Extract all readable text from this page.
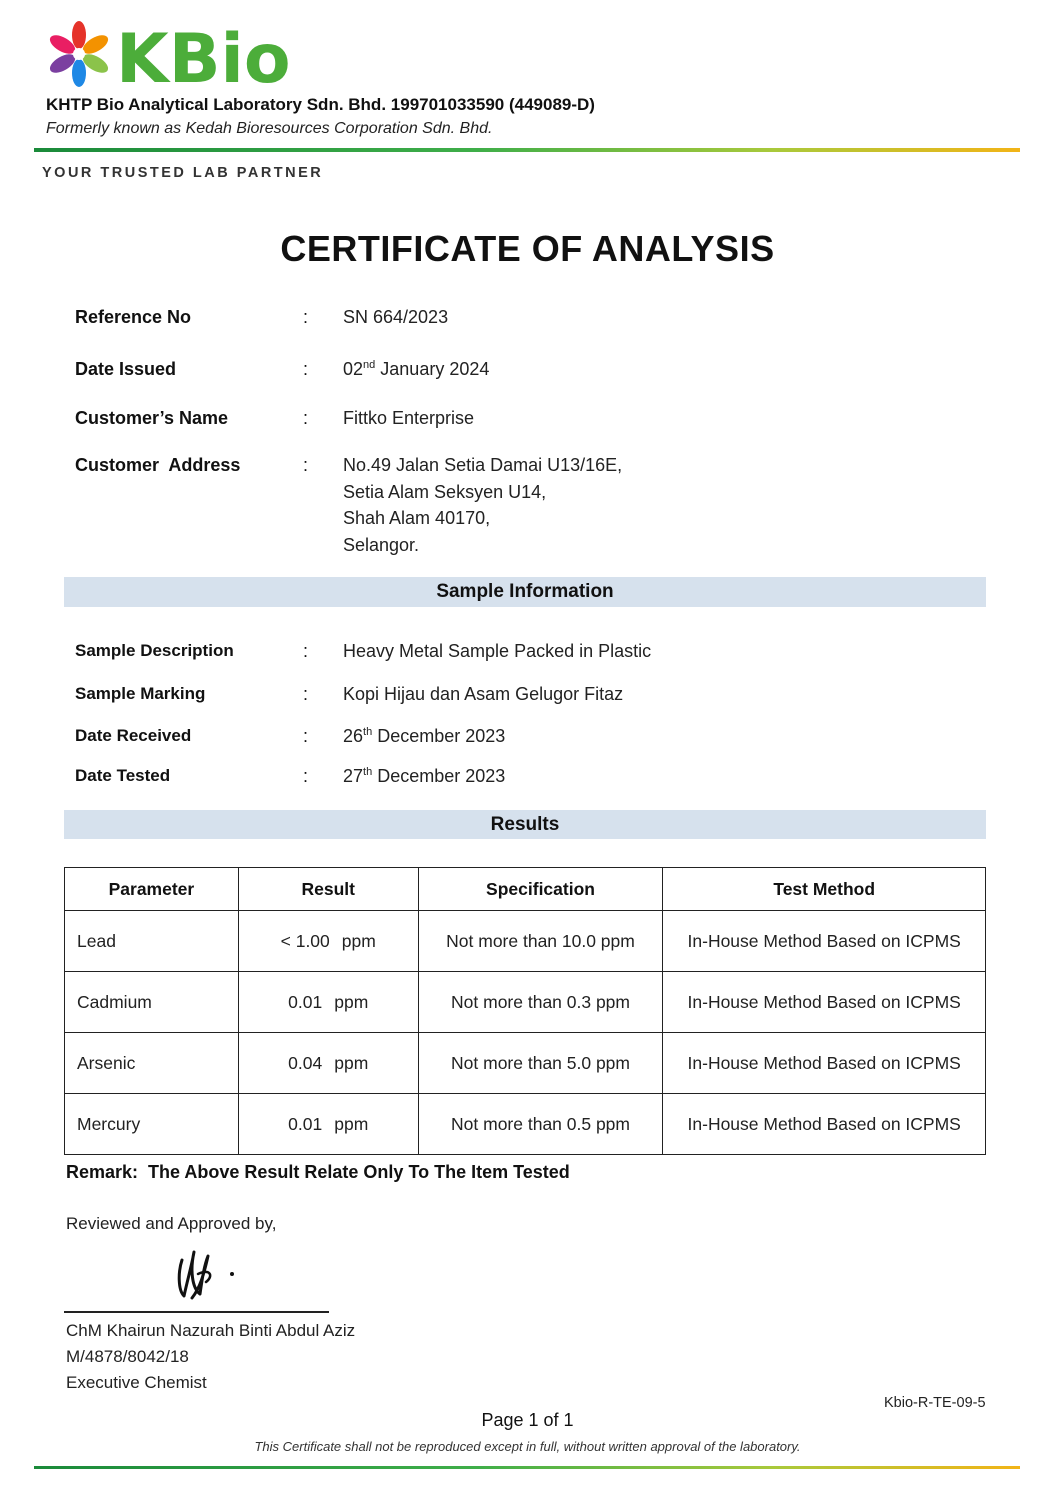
KBio
KHTP Bio Analytical Laboratory Sdn. Bhd. 199701033590 (449089-D)
Formerly known as Kedah Bioresources Corporation Sdn. Bhd.
YOUR TRUSTED LAB PARTNER
CERTIFICATE OF ANALYSIS
Reference No	: SN 664/2023
Date Issued	: 02nd January 2024
Customer’s Name	: Fittko Enterprise
Customer  Address	: No.49 Jalan Setia Damai U13/16E,
Setia Alam Seksyen U14,
Shah Alam 40170,
Selangor.
Sample Information
Sample Description	: Heavy Metal Sample Packed in Plastic
Sample Marking	: Kopi Hijau dan Asam Gelugor Fitaz
Date Received	: 26th December 2023
Date Tested	: 27th December 2023
Results
Parameter	Result	Specification	Test Method
Lead	< 1.00 ppm	Not more than 10.0 ppm	In-House Method Based on ICPMS
Cadmium	0.01 ppm	Not more than 0.3 ppm	In-House Method Based on ICPMS
Arsenic	0.04 ppm	Not more than 5.0 ppm	In-House Method Based on ICPMS
Mercury	0.01 ppm	Not more than 0.5 ppm	In-House Method Based on ICPMS
Remark: The Above Result Relate Only To The Item Tested
Reviewed and Approved by,
ChM Khairun Nazurah Binti Abdul Aziz
M/4878/8042/18
Executive Chemist
Kbio-R-TE-09-5
Page 1 of 1
This Certificate shall not be reproduced except in full, without written approval of the laboratory.
